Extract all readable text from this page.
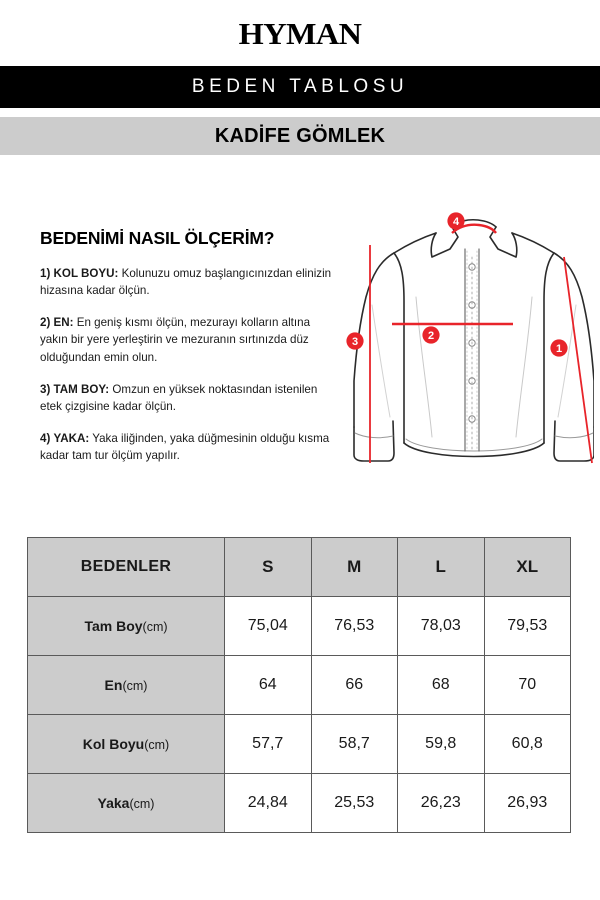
HYMAN
BEDEN TABLOSU
KADİFE GÖMLEK
BEDENİMİ NASIL ÖLÇERİM?

1) KOL BOYU: Kolunuzu omuz başlangıcınızdan elinizin hizasına kadar ölçün.

2) EN: En geniş kısmı ölçün, mezurayı kolların altına yakın bir yere yerleştirin ve mezuranın sırtınızda düz olduğundan emin olun.

3) TAM BOY: Omzun en yüksek noktasından istenilen etek çizgisine kadar ölçün.

4) YAKA: Yaka iliğinden, yaka düğmesinin olduğu kısma kadar tam tur ölçüm yapılır.

4
3	2
1
BEDENLER	S	M	L	XL
Tam Boy(cm)	75,04	76,53	78,03	79,53
En(cm)	64	66	68	70
Kol Boyu(cm)	57,7	58,7	59,8	60,8
Yaka(cm)	24,84	25,53	26,23	26,93
